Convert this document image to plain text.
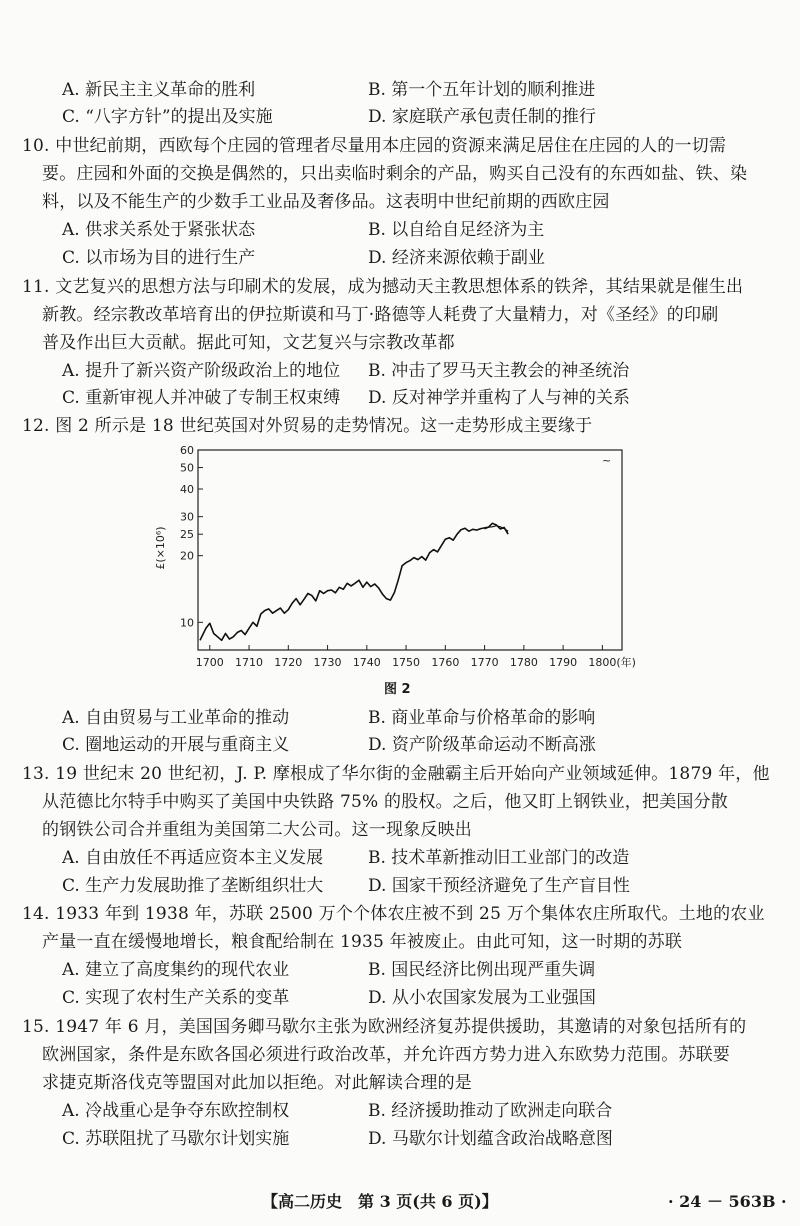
A. 新民主主义革命的胜利	B. 第一个五年计划的顺利推进
C. “八字方针”的提出及实施	D. 家庭联产承包责任制的推行
10. 中世纪前期，西欧每个庄园的管理者尽量用本庄园的资源来满足居住在庄园的人的一切需
要。庄园和外面的交换是偶然的，只出卖临时剩余的产品，购买自己没有的东西如盐、铁、染
料，以及不能生产的少数手工业品及奢侈品。这表明中世纪前期的西欧庄园
A. 供求关系处于紧张状态	B. 以自给自足经济为主
C. 以市场为目的进行生产	D. 经济来源依赖于副业
11. 文艺复兴的思想方法与印刷术的发展，成为撼动天主教思想体系的铁斧，其结果就是催生出
新教。经宗教改革培育出的伊拉斯谟和马丁·路德等人耗费了大量精力，对《圣经》的印刷
普及作出巨大贡献。据此可知，文艺复兴与宗教改革都
A. 提升了新兴资产阶级政治上的地位 B. 冲击了罗马天主教会的神圣统治
C. 重新审视人并冲破了专制王权束缚 D. 反对神学并重构了人与神的关系
12. 图 2 所示是 18 世纪英国对外贸易的走势情况。这一走势形成主要缘于
10
20
25
30
40
50
60
1700 1710 1720 1730 1740 1750 1760 1770 1780 1790 1800(年)
£(×10⁶)
~
图 2
A. 自由贸易与工业革命的推动	B. 商业革命与价格革命的影响
C. 圈地运动的开展与重商主义	D. 资产阶级革命运动不断高涨
13. 19 世纪末 20 世纪初，J. P. 摩根成了华尔街的金融霸主后开始向产业领域延伸。1879 年，他
从范德比尔特手中购买了美国中央铁路 75% 的股权。之后，他又盯上钢铁业，把美国分散
的钢铁公司合并重组为美国第二大公司。这一现象反映出
A. 自由放任不再适应资本主义发展	B. 技术革新推动旧工业部门的改造
C. 生产力发展助推了垄断组织壮大	D. 国家干预经济避免了生产盲目性
14. 1933 年到 1938 年，苏联 2500 万个个体农庄被不到 25 万个集体农庄所取代。土地的农业
产量一直在缓慢地增长，粮食配给制在 1935 年被废止。由此可知，这一时期的苏联
A. 建立了高度集约的现代农业	B. 国民经济比例出现严重失调
C. 实现了农村生产关系的变革	D. 从小农国家发展为工业强国
15. 1947 年 6 月，美国国务卿马歇尔主张为欧洲经济复苏提供援助，其邀请的对象包括所有的
欧洲国家，条件是东欧各国必须进行政治改革，并允许西方势力进入东欧势力范围。苏联要
求捷克斯洛伐克等盟国对此加以拒绝。对此解读合理的是
A. 冷战重心是争夺东欧控制权	B. 经济援助推动了欧洲走向联合
C. 苏联阻扰了马歇尔计划实施	D. 马歇尔计划蕴含政治战略意图
【高二历史　第 3 页(共 6 页)】	· 24 － 563B ·
